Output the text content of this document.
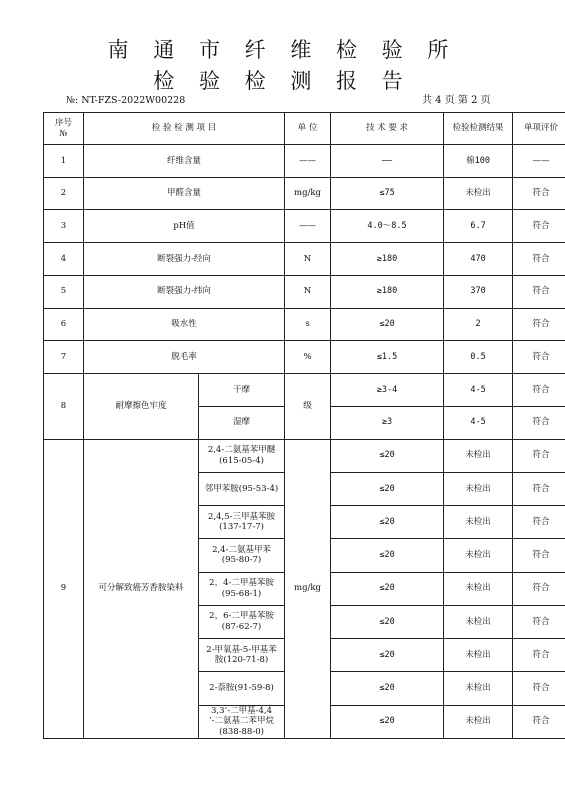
南 通 市 纤 维 检 验 所
检 验 检 测 报 告
№: NT-FZS-2022W00228	共 4 页 第 2 页
序号
№	检 验 检 测 项 目		单 位	技 术 要 求	检验检测结果	单项评价
1	纤维含量		——	——	棉100	——
2	甲醛含量		mg/kg	≤75	未检出	符合
3	pH值		——	4.0～8.5	6.7	符合
4	断裂强力-经向		N	≥180	470	符合
5	断裂强力-纬向		N	≥180	370	符合
6	吸水性		s	≤20	2	符合
7	脱毛率		%	≤1.5	0.5	符合
8	耐摩擦色牢度	干摩	级	≥3-4	4-5	符合
		湿摩		≥3	4-5	符合
9	可分解致癌芳香胺染料	2,4-二氨基苯甲醚
(615-05-4)	mg/kg	≤20	未检出	符合
		邻甲苯胺(95-53-4)		≤20	未检出	符合
		2,4,5-三甲基苯胺
(137-17-7)		≤20	未检出	符合
		2,4-二氨基甲苯
(95-80-7)		≤20	未检出	符合
		2，4-二甲基苯胺
(95-68-1)		≤20	未检出	符合
		2，6-二甲基苯胺
(87-62-7)		≤20	未检出	符合
		2-甲氧基-5-甲基苯
胺(120-71-8)		≤20	未检出	符合
		2-萘胺(91-59-8)		≤20	未检出	符合
		3,3’-二甲基-4,4
’-二氨基二苯甲烷
(838-88-0)		≤20	未检出	符合
